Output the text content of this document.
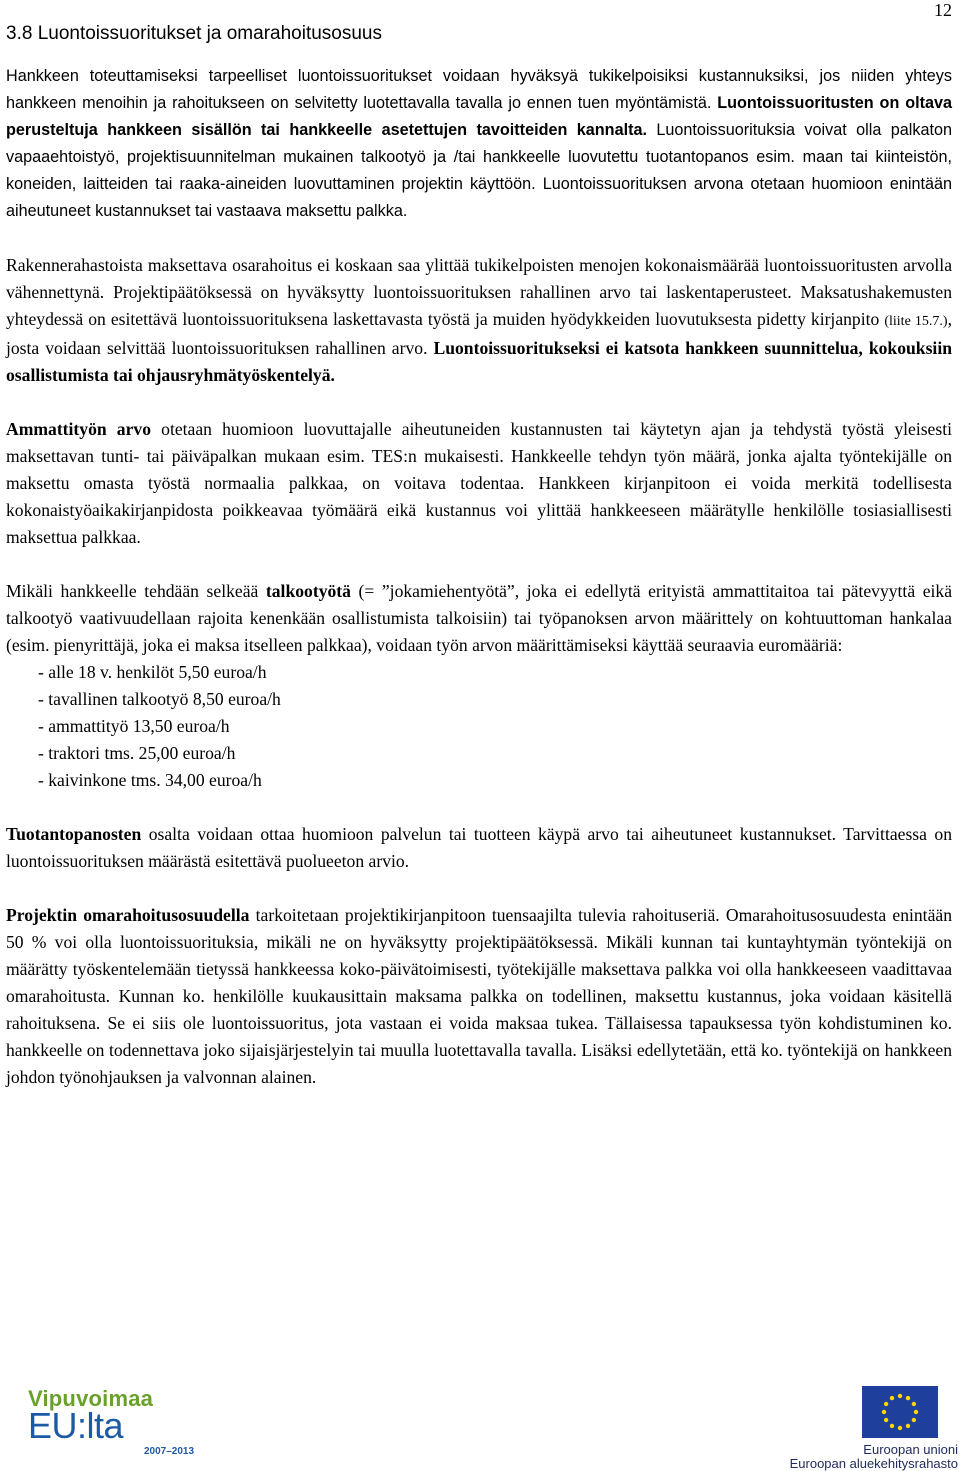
12
3.8 Luontoissuoritukset ja omarahoitusosuus

Hankkeen toteuttamiseksi tarpeelliset luontoissuoritukset voidaan hyväksyä tukikelpoisiksi kustannuksiksi, jos niiden yhteys hankkeen menoihin ja rahoitukseen on selvitetty luotettavalla tavalla jo ennen tuen myöntämistä. Luontoissuoritusten on oltava perusteltuja hankkeen sisällön tai hankkeelle asetettujen tavoitteiden kannalta. Luontoissuorituksia voivat olla palkaton vapaaehtoistyö, projektisuunnitelman mukainen talkootyö ja /tai hankkeelle luovutettu tuotantopanos esim. maan tai kiinteistön, koneiden, laitteiden tai raaka-aineiden luovuttaminen projektin käyttöön. Luontoissuorituksen arvona otetaan huomioon enintään aiheutuneet kustannukset tai vastaava maksettu palkka.

Rakennerahastoista maksettava osarahoitus ei koskaan saa ylittää tukikelpoisten menojen kokonaismäärää luontoissuoritusten arvolla vähennettynä. Projektipäätöksessä on hyväksytty luontoissuorituksen rahallinen arvo tai laskentaperusteet. Maksatushakemusten yhteydessä on esitettävä luontoissuorituksena laskettavasta työstä ja muiden hyödykkeiden luovutuksesta pidetty kirjanpito (liite 15.7.), josta voidaan selvittää luontoissuorituksen rahallinen arvo. Luontoissuoritukseksi ei katsota hankkeen suunnittelua, kokouksiin osallistumista tai ohjausryhmätyöskentelyä.

Ammattityön arvo otetaan huomioon luovuttajalle aiheutuneiden kustannusten tai käytetyn ajan ja tehdystä työstä yleisesti maksettavan tunti- tai päiväpalkan mukaan esim. TES:n mukaisesti. Hankkeelle tehdyn työn määrä, jonka ajalta työntekijälle on maksettu omasta työstä normaalia palkkaa, on voitava todentaa. Hankkeen kirjanpitoon ei voida merkitä todellisesta kokonaistyöaikakirjanpidosta poikkeavaa työmäärä eikä kustannus voi ylittää hankkeeseen määrätylle henkilölle tosiasiallisesti maksettua palkkaa.

Mikäli hankkeelle tehdään selkeää talkootyötä (= ”jokamiehentyötä”, joka ei edellytä erityistä ammattitaitoa tai pätevyyttä eikä talkootyö vaativuudellaan rajoita kenenkään osallistumista talkoisiin) tai työpanoksen arvon määrittely on kohtuuttoman hankalaa (esim. pienyrittäjä, joka ei maksa itselleen palkkaa), voidaan työn arvon määrittämiseksi käyttää seuraavia euromääriä:

- alle 18 v. henkilöt 5,50 euroa/h
- tavallinen talkootyö 8,50 euroa/h
- ammattityö 13,50 euroa/h
- traktori tms. 25,00 euroa/h
- kaivinkone tms. 34,00 euroa/h

Tuotantopanosten osalta voidaan ottaa huomioon palvelun tai tuotteen käypä arvo tai aiheutuneet kustannukset. Tarvittaessa on luontoissuorituksen määrästä esitettävä puolueeton arvio.

Projektin omarahoitusosuudella tarkoitetaan projektikirjanpitoon tuensaajilta tulevia rahoituseriä. Omarahoitusosuudesta enintään 50 % voi olla luontoissuorituksia, mikäli ne on hyväksytty projektipäätöksessä. Mikäli kunnan tai kuntayhtymän työntekijä on määrätty työskentelemään tietyssä hankkeessa koko-päivätoimisesti, työtekijälle maksettava palkka voi olla hankkeeseen vaadittavaa omarahoitusta. Kunnan ko. henkilölle kuukausittain maksama palkka on todellinen, maksettu kustannus, joka voidaan käsitellä rahoituksena. Se ei siis ole luontoissuoritus, jota vastaan ei voida maksaa tukea. Tällaisessa tapauksessa työn kohdistuminen ko. hankkeelle on todennettava joko sijaisjärjestelyin tai muulla luotettavalla tavalla. Lisäksi edellytetään, että ko. työntekijä on hankkeen johdon työnohjauksen ja valvonnan alainen.

Vipuvoimaa
EU:lta
2007–2013	Euroopan unioni
Euroopan aluekehitysrahasto
